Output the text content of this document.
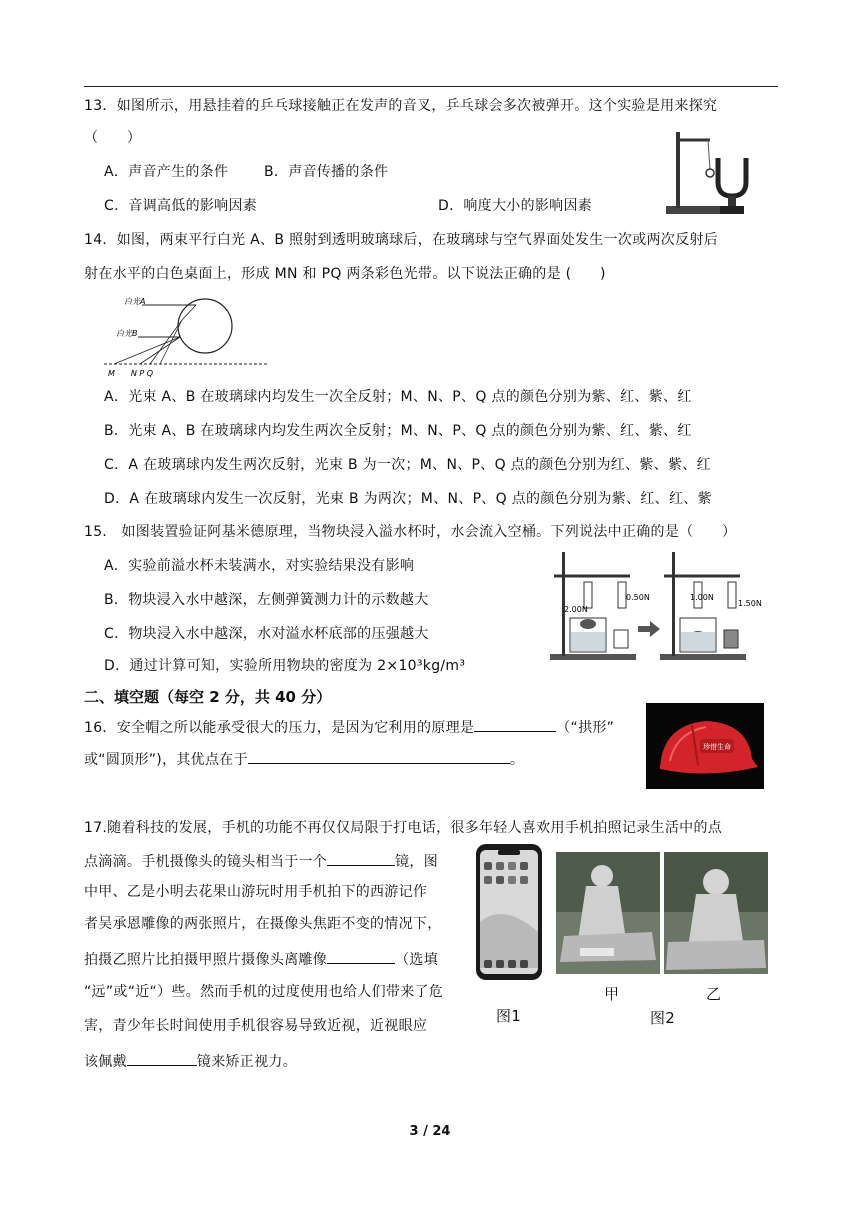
13．如图所示，用悬挂着的乒乓球接触正在发声的音叉，乒乓球会多次被弹开。这个实验是用来探究
（　　）
A．声音产生的条件	B．声音传播的条件
C．音调高低的影响因素	D．响度大小的影响因素
14．如图，两束平行白光 A、B 照射到透明玻璃球后，在玻璃球与空气界面处发生一次或两次反射后
射在水平的白色桌面上，形成 MN 和 PQ 两条彩色光带。以下说法正确的是 (　　)
白光A
白光B
M　　N P Q
A．光束 A、B 在玻璃球内均发生一次全反射；M、N、P、Q 点的颜色分别为紫、红、紫、红
B．光束 A、B 在玻璃球内均发生两次全反射；M、N、P、Q 点的颜色分别为紫、红、紫、红
C．A 在玻璃球内发生两次反射，光束 B 为一次；M、N、P、Q 点的颜色分别为红、紫、紫、红
D．A 在玻璃球内发生一次反射，光束 B 为两次；M、N、P、Q 点的颜色分别为紫、红、红、紫
15． 如图装置验证阿基米德原理，当物块浸入溢水杯时，水会流入空桶。下列说法中正确的是（　　）
A．实验前溢水杯未装满水，对实验结果没有影响
B．物块浸入水中越深，左侧弹簧测力计的示数越大
C．物块浸入水中越深，水对溢水杯底部的压强越大
D．通过计算可知，实验所用物块的密度为 2×10³kg/m³
2.00N
0.50N	1.00N
1.50N
二、填空题（每空 2 分，共 40 分）
16．安全帽之所以能承受很大的压力，是因为它利用的原理是	（“拱形”
或“圆顶形”)，其优点在于	。
珍惜生命
17.随着科技的发展，手机的功能不再仅仅局限于打电话，很多年轻人喜欢用手机拍照记录生活中的点
点滴滴。手机摄像头的镜头相当于一个	镜，图
中甲、乙是小明去花果山游玩时用手机拍下的西游记作
者吴承恩雕像的两张照片，在摄像头焦距不变的情况下，
拍摄乙照片比拍摄甲照片摄像头离雕像	（选填
“远”或“近“）些。然而手机的过度使用也给人们带来了危
害，青少年长时间使用手机很容易导致近视，近视眼应
该佩戴	镜来矫正视力。
甲	乙
图1	图2
3 / 24
